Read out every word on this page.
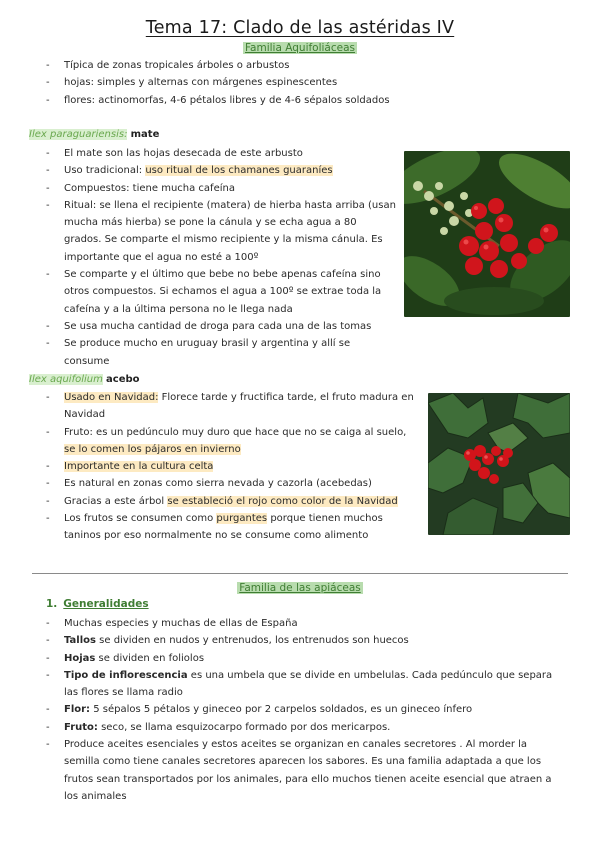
Tema 17: Clado de las astéridas IV
Familia Aquifoliáceas
- Típica de zonas tropicales árboles o arbustos
- hojas: simples y alternas con márgenes espinescentes
- flores: actinomorfas, 4-6 pétalos libres y de 4-6 sépalos soldados
Ilex paraguariensis: mate
- El mate son las hojas desecada de este arbusto
- Uso tradicional: uso ritual de los chamanes guaraníes
- Compuestos: tiene mucha cafeína
- Ritual: se llena el recipiente (matera) de hierba hasta arriba (usan mucha más hierba) se pone la cánula y se echa agua a 80 grados. Se comparte el mismo recipiente y la misma cánula. Es importante que el agua no esté a 100º
- Se comparte y el último que bebe no bebe apenas cafeína sino otros compuestos. Si echamos el agua a 100º se extrae toda la cafeína y a la última persona no le llega nada
- Se usa mucha cantidad de droga para cada una de las tomas
- Se produce mucho en uruguay brasil y argentina y allí se consume
Ilex aquifolium acebo
- Usado en Navidad: Florece tarde y fructifica tarde, el fruto madura en Navidad
- Fruto: es un pedúnculo muy duro que hace que no se caiga al suelo, se lo comen los pájaros en invierno
- Importante en la cultura celta
- Es natural en zonas como sierra nevada y cazorla (acebedas)
- Gracias a este árbol se estableció el rojo como color de la Navidad
- Los frutos se consumen como purgantes porque tienen muchos taninos por eso normalmente no se consume como alimento
Familia de las apiáceas
1. Generalidades
- Muchas especies y muchas de ellas de España
- Tallos se dividen en nudos y entrenudos, los entrenudos son huecos
- Hojas se dividen en foliolos
- Tipo de inflorescencia es una umbela que se divide en umbelulas. Cada pedúnculo que separa las flores se llama radio
- Flor: 5 sépalos 5 pétalos y gineceo por 2 carpelos soldados, es un gineceo ínfero
- Fruto: seco, se llama esquizocarpo formado por dos mericarpos.
- Produce aceites esenciales y estos aceites se organizan en canales secretores . Al morder la semilla como tiene canales secretores aparecen los sabores. Es una familia adaptada a que los frutos sean transportados por los animales, para ello muchos tienen aceite esencial que atraen a los animales
